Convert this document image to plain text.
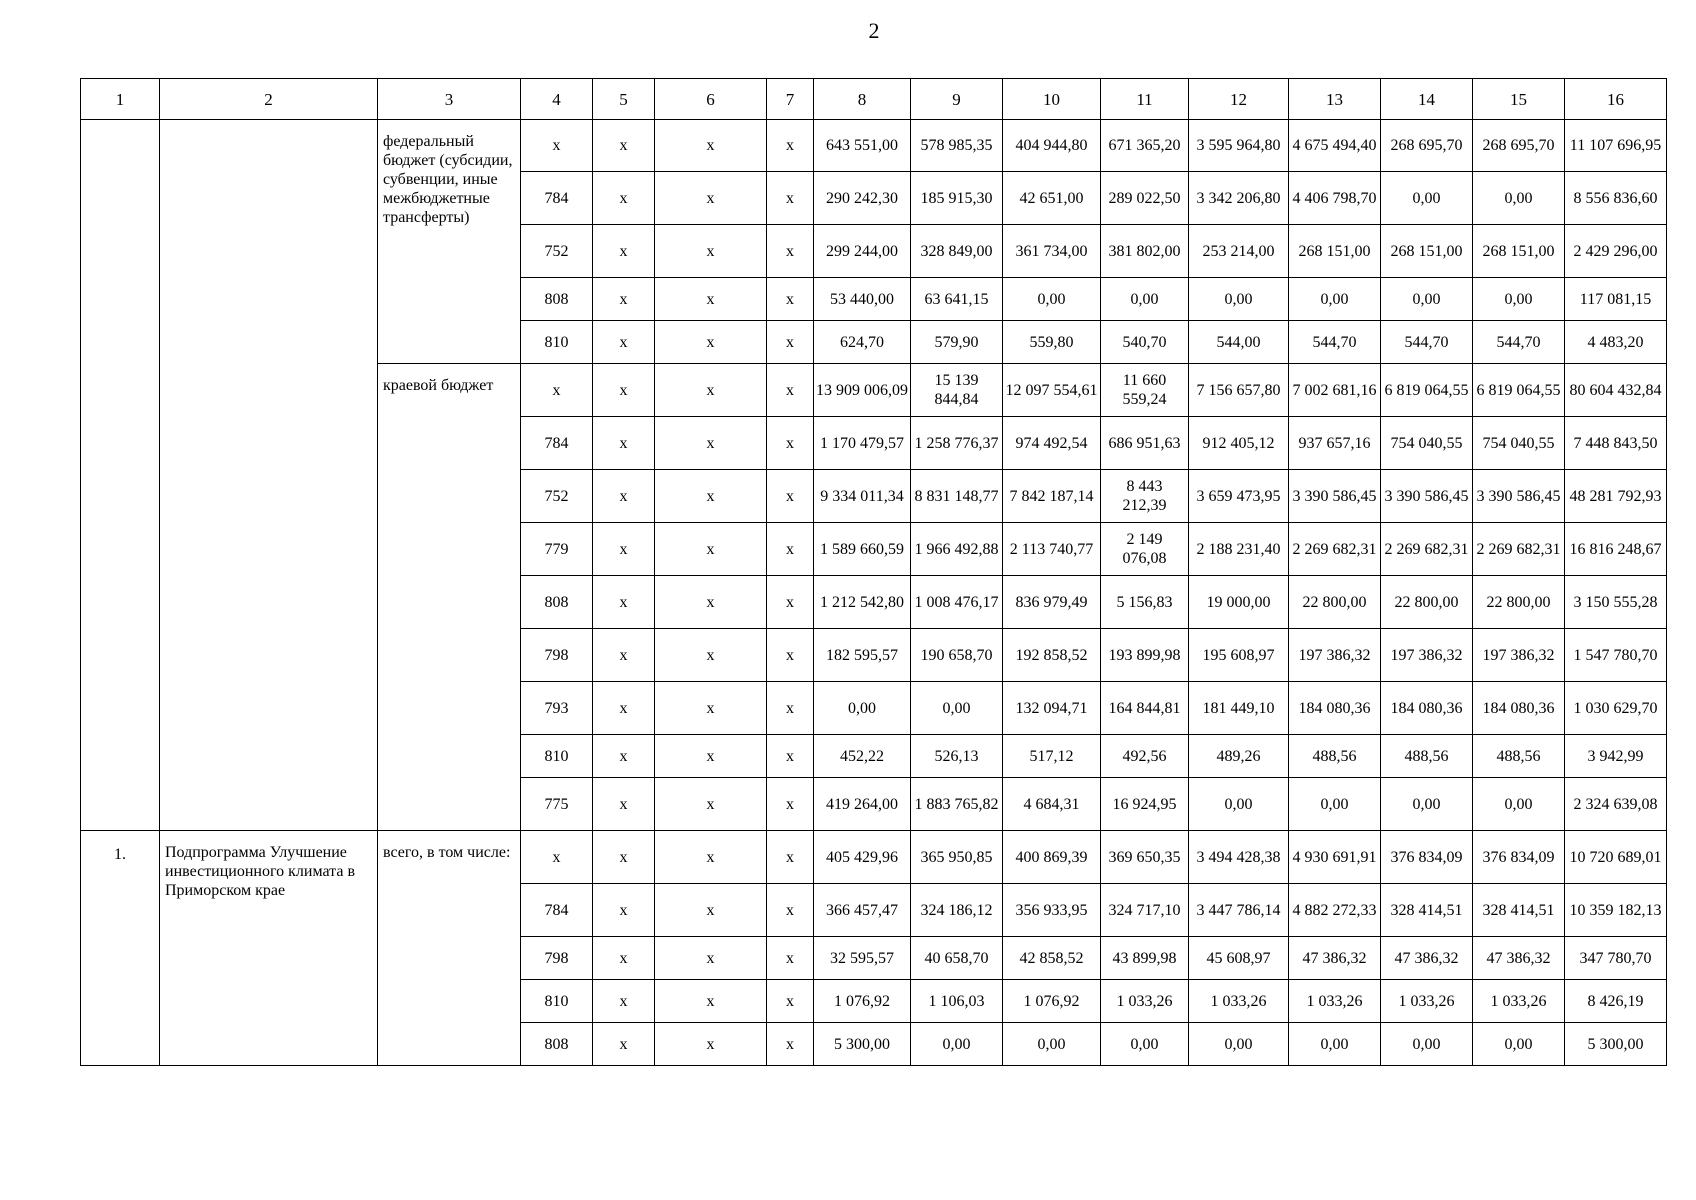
2
1	2	3	4	5	6	7	8	9	10	11	12	13	14	15	16
		федеральный бюджет (субсидии, субвенции, иные межбюджетные трансферты)	x	x	x	x	643 551,00	578 985,35	404 944,80	671 365,20	3 595 964,80	4 675 494,40	268 695,70	268 695,70	11 107 696,95
			784	x	x	x	290 242,30	185 915,30	42 651,00	289 022,50	3 342 206,80	4 406 798,70	0,00	0,00	8 556 836,60
			752	x	x	x	299 244,00	328 849,00	361 734,00	381 802,00	253 214,00	268 151,00	268 151,00	268 151,00	2 429 296,00
			808	x	x	x	53 440,00	63 641,15	0,00	0,00	0,00	0,00	0,00	0,00	117 081,15
			810	x	x	x	624,70	579,90	559,80	540,70	544,00	544,70	544,70	544,70	4 483,20
		краевой бюджет	x	x	x	x	13 909 006,09	15 139 844,84	12 097 554,61	11 660 559,24	7 156 657,80	7 002 681,16	6 819 064,55	6 819 064,55	80 604 432,84
			784	x	x	x	1 170 479,57	1 258 776,37	974 492,54	686 951,63	912 405,12	937 657,16	754 040,55	754 040,55	7 448 843,50
			752	x	x	x	9 334 011,34	8 831 148,77	7 842 187,14	8 443 212,39	3 659 473,95	3 390 586,45	3 390 586,45	3 390 586,45	48 281 792,93
			779	x	x	x	1 589 660,59	1 966 492,88	2 113 740,77	2 149 076,08	2 188 231,40	2 269 682,31	2 269 682,31	2 269 682,31	16 816 248,67
			808	x	x	x	1 212 542,80	1 008 476,17	836 979,49	5 156,83	19 000,00	22 800,00	22 800,00	22 800,00	3 150 555,28
			798	x	x	x	182 595,57	190 658,70	192 858,52	193 899,98	195 608,97	197 386,32	197 386,32	197 386,32	1 547 780,70
			793	x	x	x	0,00	0,00	132 094,71	164 844,81	181 449,10	184 080,36	184 080,36	184 080,36	1 030 629,70
			810	x	x	x	452,22	526,13	517,12	492,56	489,26	488,56	488,56	488,56	3 942,99
			775	x	x	x	419 264,00	1 883 765,82	4 684,31	16 924,95	0,00	0,00	0,00	0,00	2 324 639,08
1.	Подпрограмма Улучшение инвестиционного климата в Приморском крае	всего, в том числе:	x	x	x	x	405 429,96	365 950,85	400 869,39	369 650,35	3 494 428,38	4 930 691,91	376 834,09	376 834,09	10 720 689,01
			784	x	x	x	366 457,47	324 186,12	356 933,95	324 717,10	3 447 786,14	4 882 272,33	328 414,51	328 414,51	10 359 182,13
			798	x	x	x	32 595,57	40 658,70	42 858,52	43 899,98	45 608,97	47 386,32	47 386,32	47 386,32	347 780,70
			810	x	x	x	1 076,92	1 106,03	1 076,92	1 033,26	1 033,26	1 033,26	1 033,26	1 033,26	8 426,19
			808	x	x	x	5 300,00	0,00	0,00	0,00	0,00	0,00	0,00	0,00	5 300,00
